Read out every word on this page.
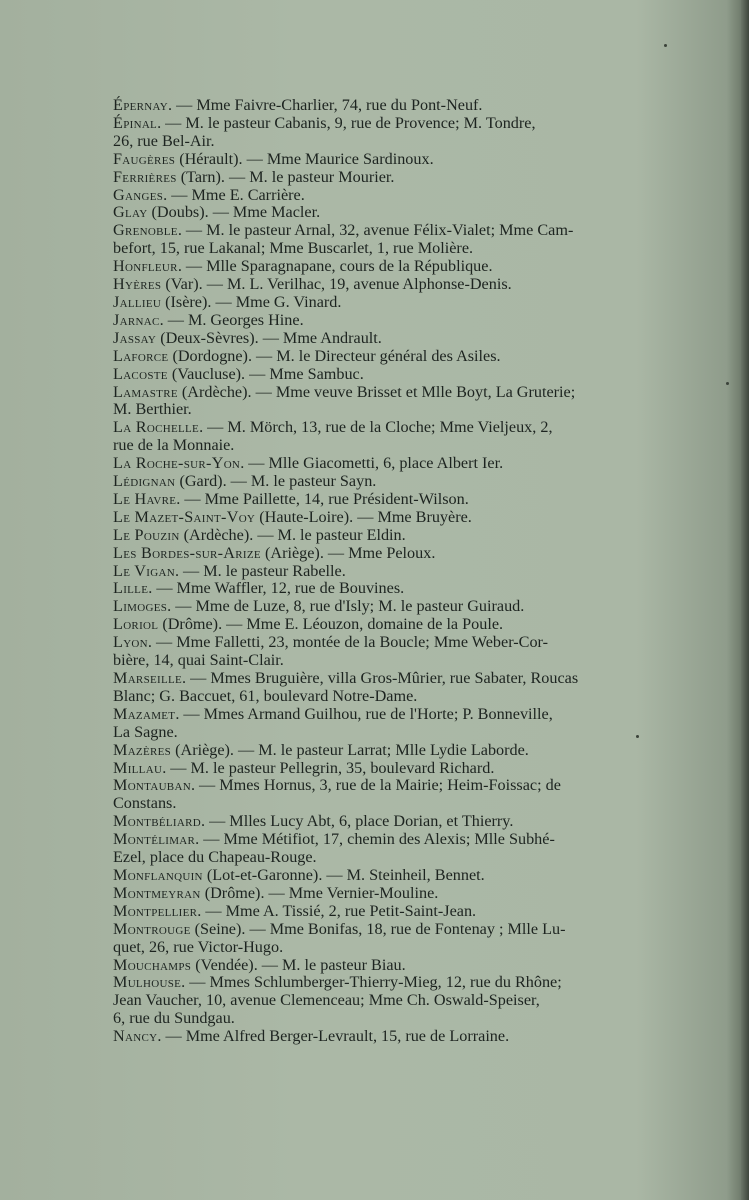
Épernay. — Mme Faivre-Charlier, 74, rue du Pont-Neuf.

Épinal. — M. le pasteur Cabanis, 9, rue de Provence; M. Tondre,
26, rue Bel-Air.

Faugères (Hérault). — Mme Maurice Sardinoux.

Ferrières (Tarn). — M. le pasteur Mourier.

Ganges. — Mme E. Carrière.

Glay (Doubs). — Mme Macler.

Grenoble. — M. le pasteur Arnal, 32, avenue Félix-Vialet; Mme Cam-
befort, 15, rue Lakanal; Mme Buscarlet, 1, rue Molière.

Honfleur. — Mlle Sparagnapane, cours de la République.

Hyères (Var). — M. L. Verilhac, 19, avenue Alphonse-Denis.

Jallieu (Isère). — Mme G. Vinard.

Jarnac. — M. Georges Hine.

Jassay (Deux-Sèvres). — Mme Andrault.

Laforce (Dordogne). — M. le Directeur général des Asiles.

Lacoste (Vaucluse). — Mme Sambuc.

Lamastre (Ardèche). — Mme veuve Brisset et Mlle Boyt, La Gruterie;
M. Berthier.

La Rochelle. — M. Mörch, 13, rue de la Cloche; Mme Vieljeux, 2,
rue de la Monnaie.

La Roche-sur-Yon. — Mlle Giacometti, 6, place Albert Ier.

Lédignan (Gard). — M. le pasteur Sayn.

Le Havre. — Mme Paillette, 14, rue Président-Wilson.

Le Mazet-Saint-Voy (Haute-Loire). — Mme Bruyère.

Le Pouzin (Ardèche). — M. le pasteur Eldin.

Les Bordes-sur-Arize (Ariège). — Mme Peloux.

Le Vigan. — M. le pasteur Rabelle.

Lille. — Mme Waffler, 12, rue de Bouvines.

Limoges. — Mme de Luze, 8, rue d'Isly; M. le pasteur Guiraud.

Loriol (Drôme). — Mme E. Léouzon, domaine de la Poule.

Lyon. — Mme Falletti, 23, montée de la Boucle; Mme Weber-Cor-
bière, 14, quai Saint-Clair.

Marseille. — Mmes Bruguière, villa Gros-Mûrier, rue Sabater, Roucas
Blanc; G. Baccuet, 61, boulevard Notre-Dame.

Mazamet. — Mmes Armand Guilhou, rue de l'Horte; P. Bonneville,
La Sagne.

Mazères (Ariège). — M. le pasteur Larrat; Mlle Lydie Laborde.

Millau. — M. le pasteur Pellegrin, 35, boulevard Richard.

Montauban. — Mmes Hornus, 3, rue de la Mairie; Heim-Foissac; de
Constans.

Montbéliard. — Mlles Lucy Abt, 6, place Dorian, et Thierry.

Montélimar. — Mme Métifiot, 17, chemin des Alexis; Mlle Subhé-
Ezel, place du Chapeau-Rouge.

Monflanquin (Lot-et-Garonne). — M. Steinheil, Bennet.

Montmeyran (Drôme). — Mme Vernier-Mouline.

Montpellier. — Mme A. Tissié, 2, rue Petit-Saint-Jean.

Montrouge (Seine). — Mme Bonifas, 18, rue de Fontenay ; Mlle Lu-
quet, 26, rue Victor-Hugo.

Mouchamps (Vendée). — M. le pasteur Biau.

Mulhouse. — Mmes Schlumberger-Thierry-Mieg, 12, rue du Rhône;
Jean Vaucher, 10, avenue Clemenceau; Mme Ch. Oswald-Speiser,
6, rue du Sundgau.

Nancy. — Mme Alfred Berger-Levrault, 15, rue de Lorraine.
